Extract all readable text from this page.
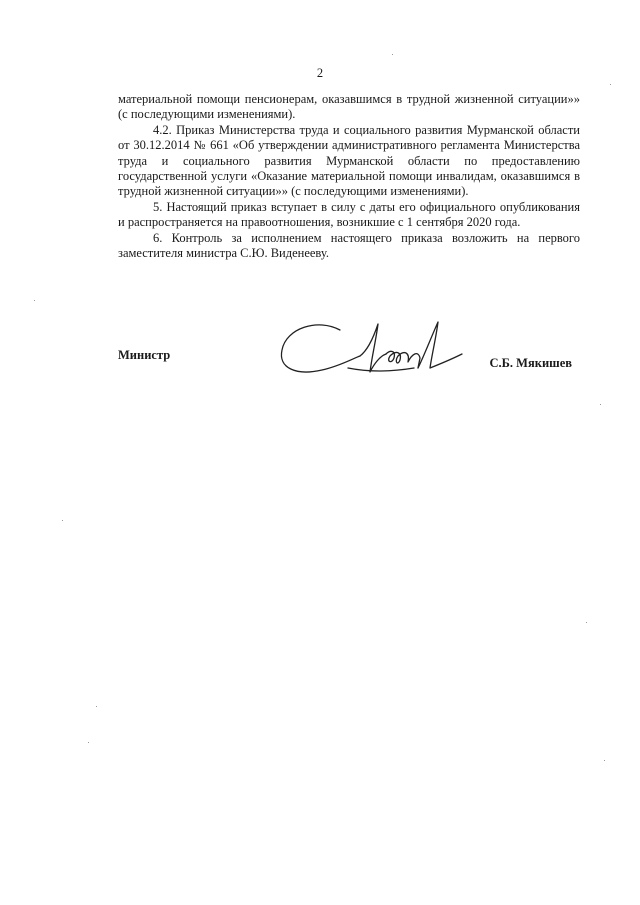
2

материальной помощи пенсионерам, оказавшимся в трудной жизненной ситуации»» (с последующими изменениями).

4.2. Приказ Министерства труда и социального развития Мурманской области от 30.12.2014 № 661 «Об утверждении административного регламента Министерства труда и социального развития Мурманской области по предоставлению государственной услуги «Оказание материальной помощи инвалидам, оказавшимся в трудной жизненной ситуации»» (с последующими изменениями).

5. Настоящий приказ вступает в силу с даты его официального опубликования и распространяется на правоотношения, возникшие с 1 сентября 2020 года.

6. Контроль за исполнением настоящего приказа возложить на первого заместителя министра С.Ю. Виденееву.

Министр
С.Б. Мякишев
